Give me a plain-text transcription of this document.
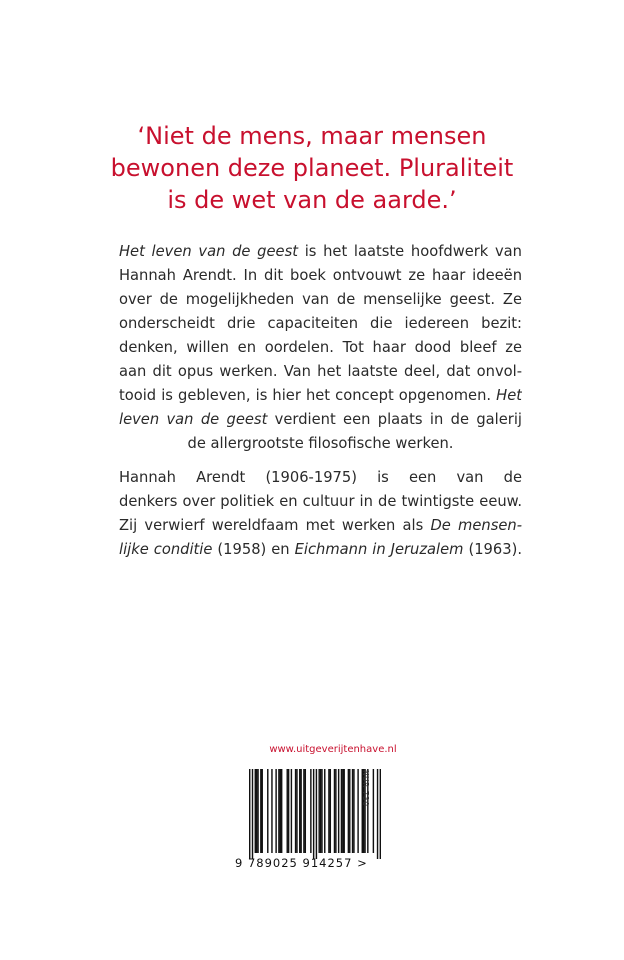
‘Niet de mens, maar mensen
bewonen deze planeet. Pluraliteit
is de wet van de aarde.’
Het leven van de geest is het laatste hoofdwerk van
Hannah Arendt. In dit boek ontvouwt ze haar ideeën
over de mogelijkheden van de menselijke geest. Ze
onderscheidt drie capaciteiten die iedereen bezit:
denken, willen en oordelen. Tot haar dood bleef ze
aan dit opus werken. Van het laatste deel, dat onvol-
tooid is gebleven, is hier het concept opgenomen. Het
leven van de geest verdient een plaats in de galerij
de allergrootste filosofische werken.
Hannah Arendt (1906-1975) is een van de
denkers over politiek en cultuur in de twintigste eeuw.
Zij verwierf wereldfaam met werken als De mensen-
lijke conditie (1958) en Eichmann in Jeruzalem (1963).
www.uitgeverijtenhave.nl
9 789025 914257 >
NUR 730
